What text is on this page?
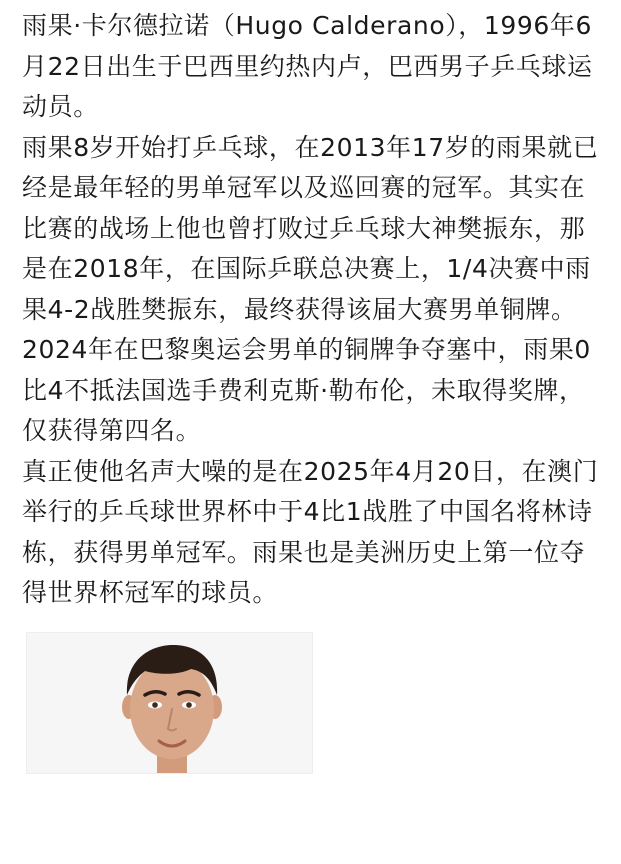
雨果·卡尔德拉诺（Hugo Calderano），1996年6月22日出生于巴西里约热内卢，巴西男子乒乓球运动员。

雨果8岁开始打乒乓球，在2013年17岁的雨果就已经是最年轻的男单冠军以及巡回赛的冠军。其实在比赛的战场上他也曾打败过乒乓球大神樊振东，那是在2018年，在国际乒联总决赛上，1/4决赛中雨果4-2战胜樊振东，最终获得该届大赛男单铜牌。

2024年在巴黎奥运会男单的铜牌争夺塞中，雨果0比4不抵法国选手费利克斯·勒布伦，未取得奖牌，仅获得第四名。

真正使他名声大噪的是在2025年4月20日，在澳门举行的乒乓球世界杯中于4比1战胜了中国名将林诗栋，获得男单冠军。雨果也是美洲历史上第一位夺得世界杯冠军的球员。
